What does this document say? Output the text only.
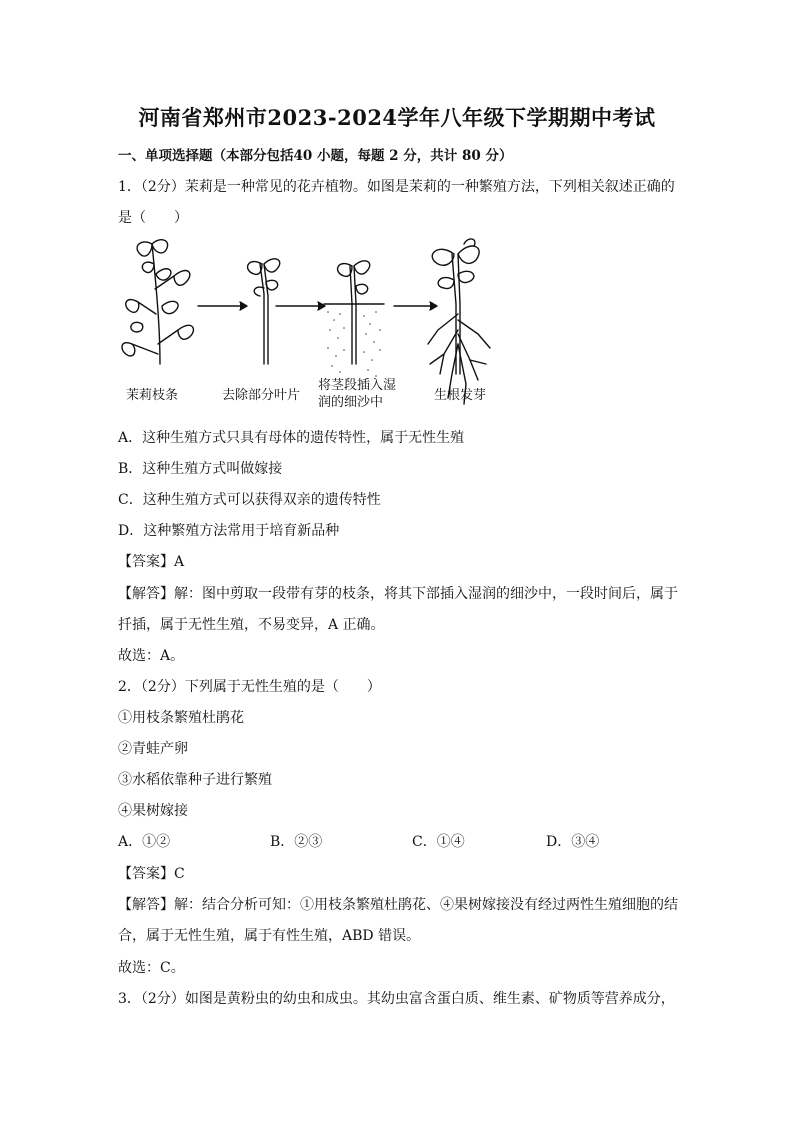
河南省郑州市2023-2024学年八年级下学期期中考试
一、单项选择题（本部分包括40 小题，每题 2 分，共计 80 分）
1．（2分）茉莉是一种常见的花卉植物。如图是茉莉的一种繁殖方法，下列相关叙述正确的
是（　　）
茉莉枝条	去除部分叶片
将茎段插入湿
润的细沙中	生根发芽
A．这种生殖方式只具有母体的遗传特性，属于无性生殖
B．这种生殖方式叫做嫁接
C．这种生殖方式可以获得双亲的遗传特性
D．这种繁殖方法常用于培育新品种
【答案】A
【解答】解：图中剪取一段带有芽的枝条，将其下部插入湿润的细沙中，一段时间后，属于
扦插，属于无性生殖，不易变异，A 正确。
故选：A。
2．（2分）下列属于无性生殖的是（　　）
①用枝条繁殖杜鹃花
②青蛙产卵
③水稻依靠种子进行繁殖
④果树嫁接
A．①②	B．②③	C．①④	D．③④
【答案】C
【解答】解：结合分析可知：①用枝条繁殖杜鹃花、④果树嫁接没有经过两性生殖细胞的结
合，属于无性生殖，属于有性生殖，ABD 错误。
故选：C。
3．（2分）如图是黄粉虫的幼虫和成虫。其幼虫富含蛋白质、维生素、矿物质等营养成分，
